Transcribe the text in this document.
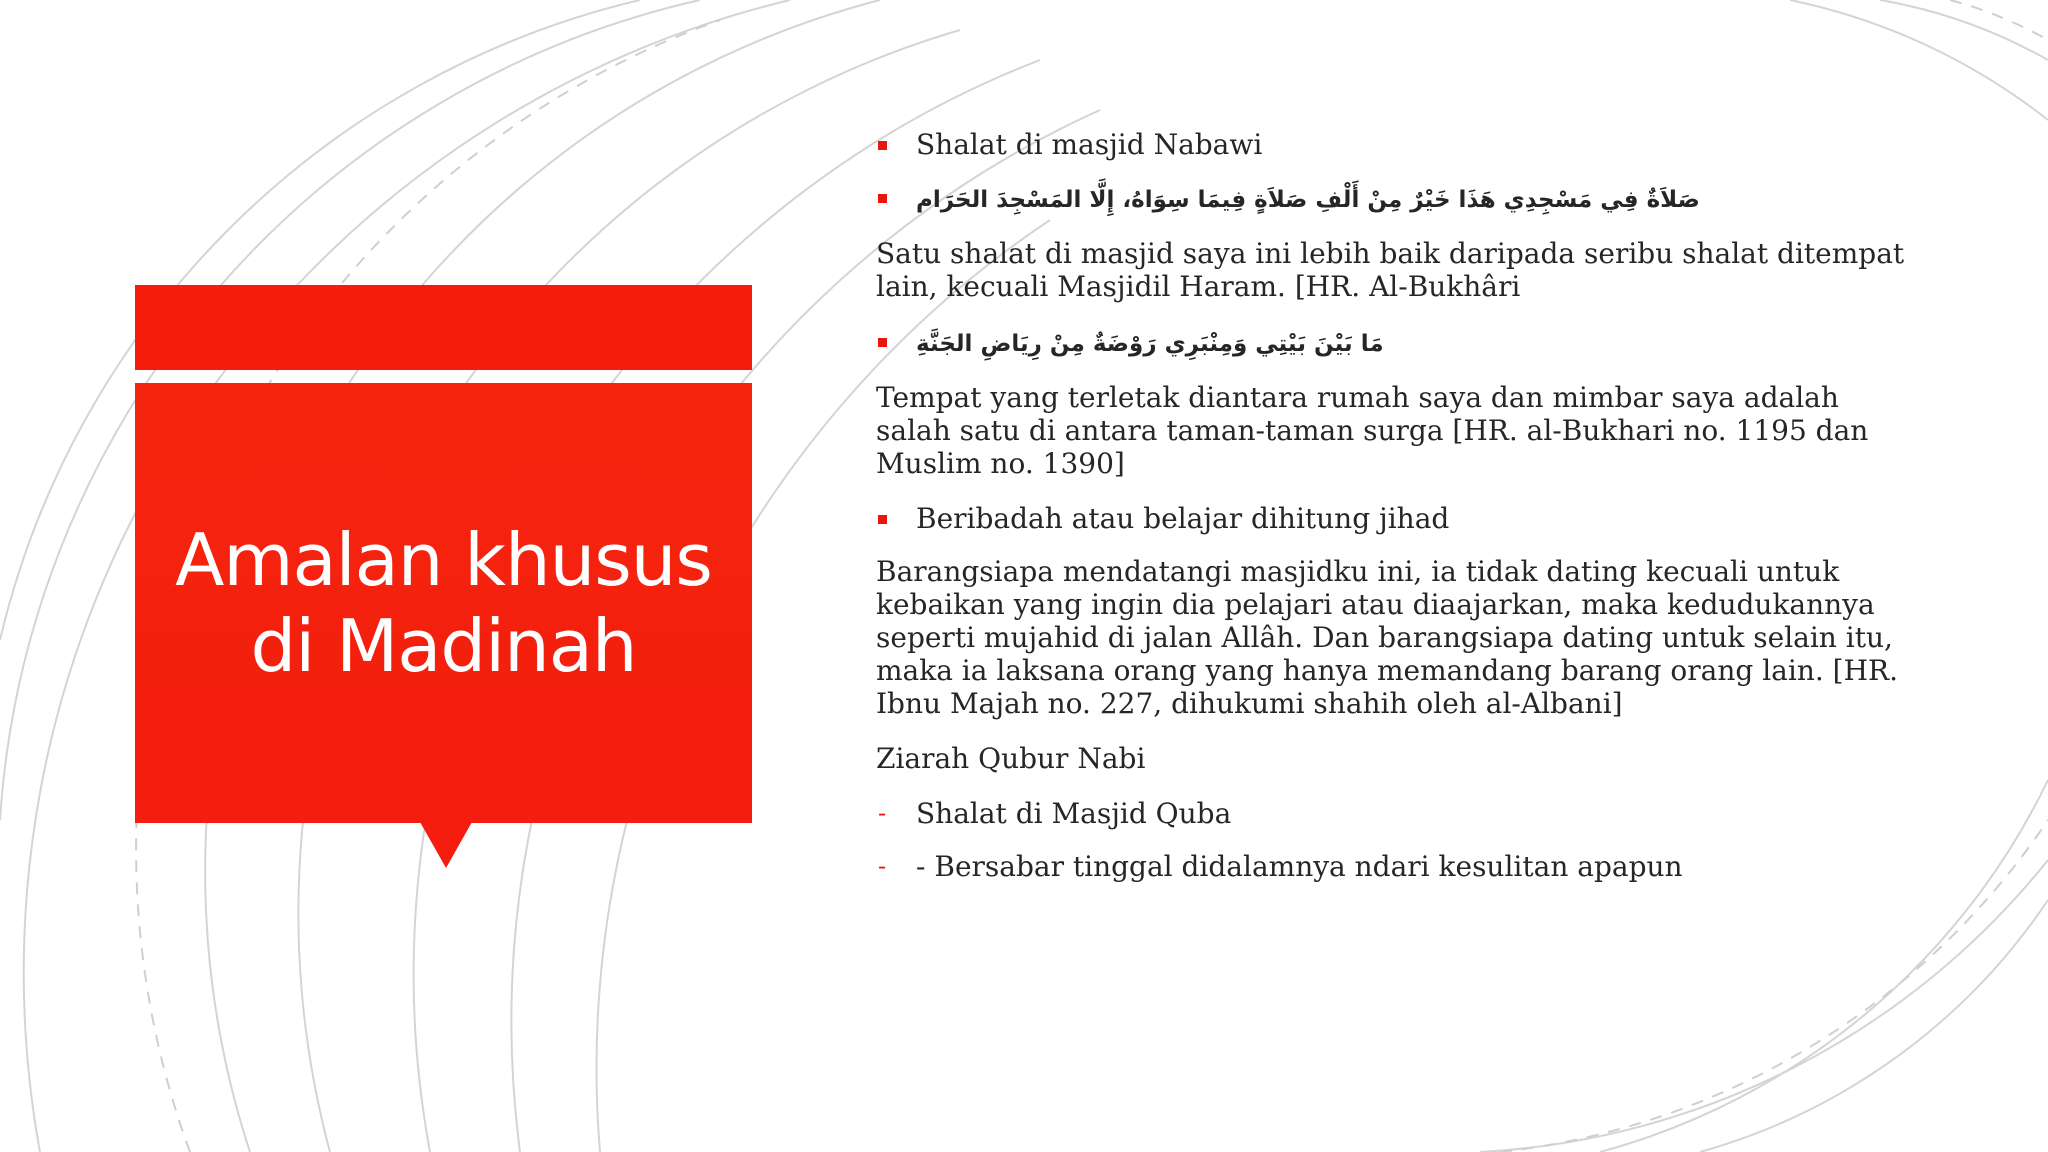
Amalan khusus
di Madinah
Shalat di masjid Nabawi
صَلاَةٌ فِي مَسْجِدِي هَذَا خَيْرٌ مِنْ أَلْفِ صَلاَةٍ فِيمَا سِوَاهُ، إِلَّا المَسْجِدَ الحَرَام
Satu shalat di masjid saya ini lebih baik daripada seribu shalat ditempat lain, kecuali Masjidil Haram. [HR. Al-Bukhâri
مَا بَيْنَ بَيْتِي وَمِنْبَرِي رَوْضَةٌ مِنْ رِيَاضِ الجَنَّةِ
Tempat yang terletak diantara rumah saya dan mimbar saya adalah salah satu di antara taman-taman surga [HR. al-Bukhari no. 1195 dan Muslim no. 1390]
Beribadah atau belajar dihitung jihad
Barangsiapa mendatangi masjidku ini, ia tidak dating kecuali untuk kebaikan yang ingin dia pelajari atau diaajarkan, maka kedudukannya seperti mujahid di jalan Allâh. Dan barangsiapa dating untuk selain itu, maka ia laksana orang yang hanya memandang barang orang lain. [HR. Ibnu Majah no. 227, dihukumi shahih oleh al-Albani]
Ziarah Qubur Nabi
- Shalat di Masjid Quba
- - Bersabar tinggal didalamnya ndari kesulitan apapun
